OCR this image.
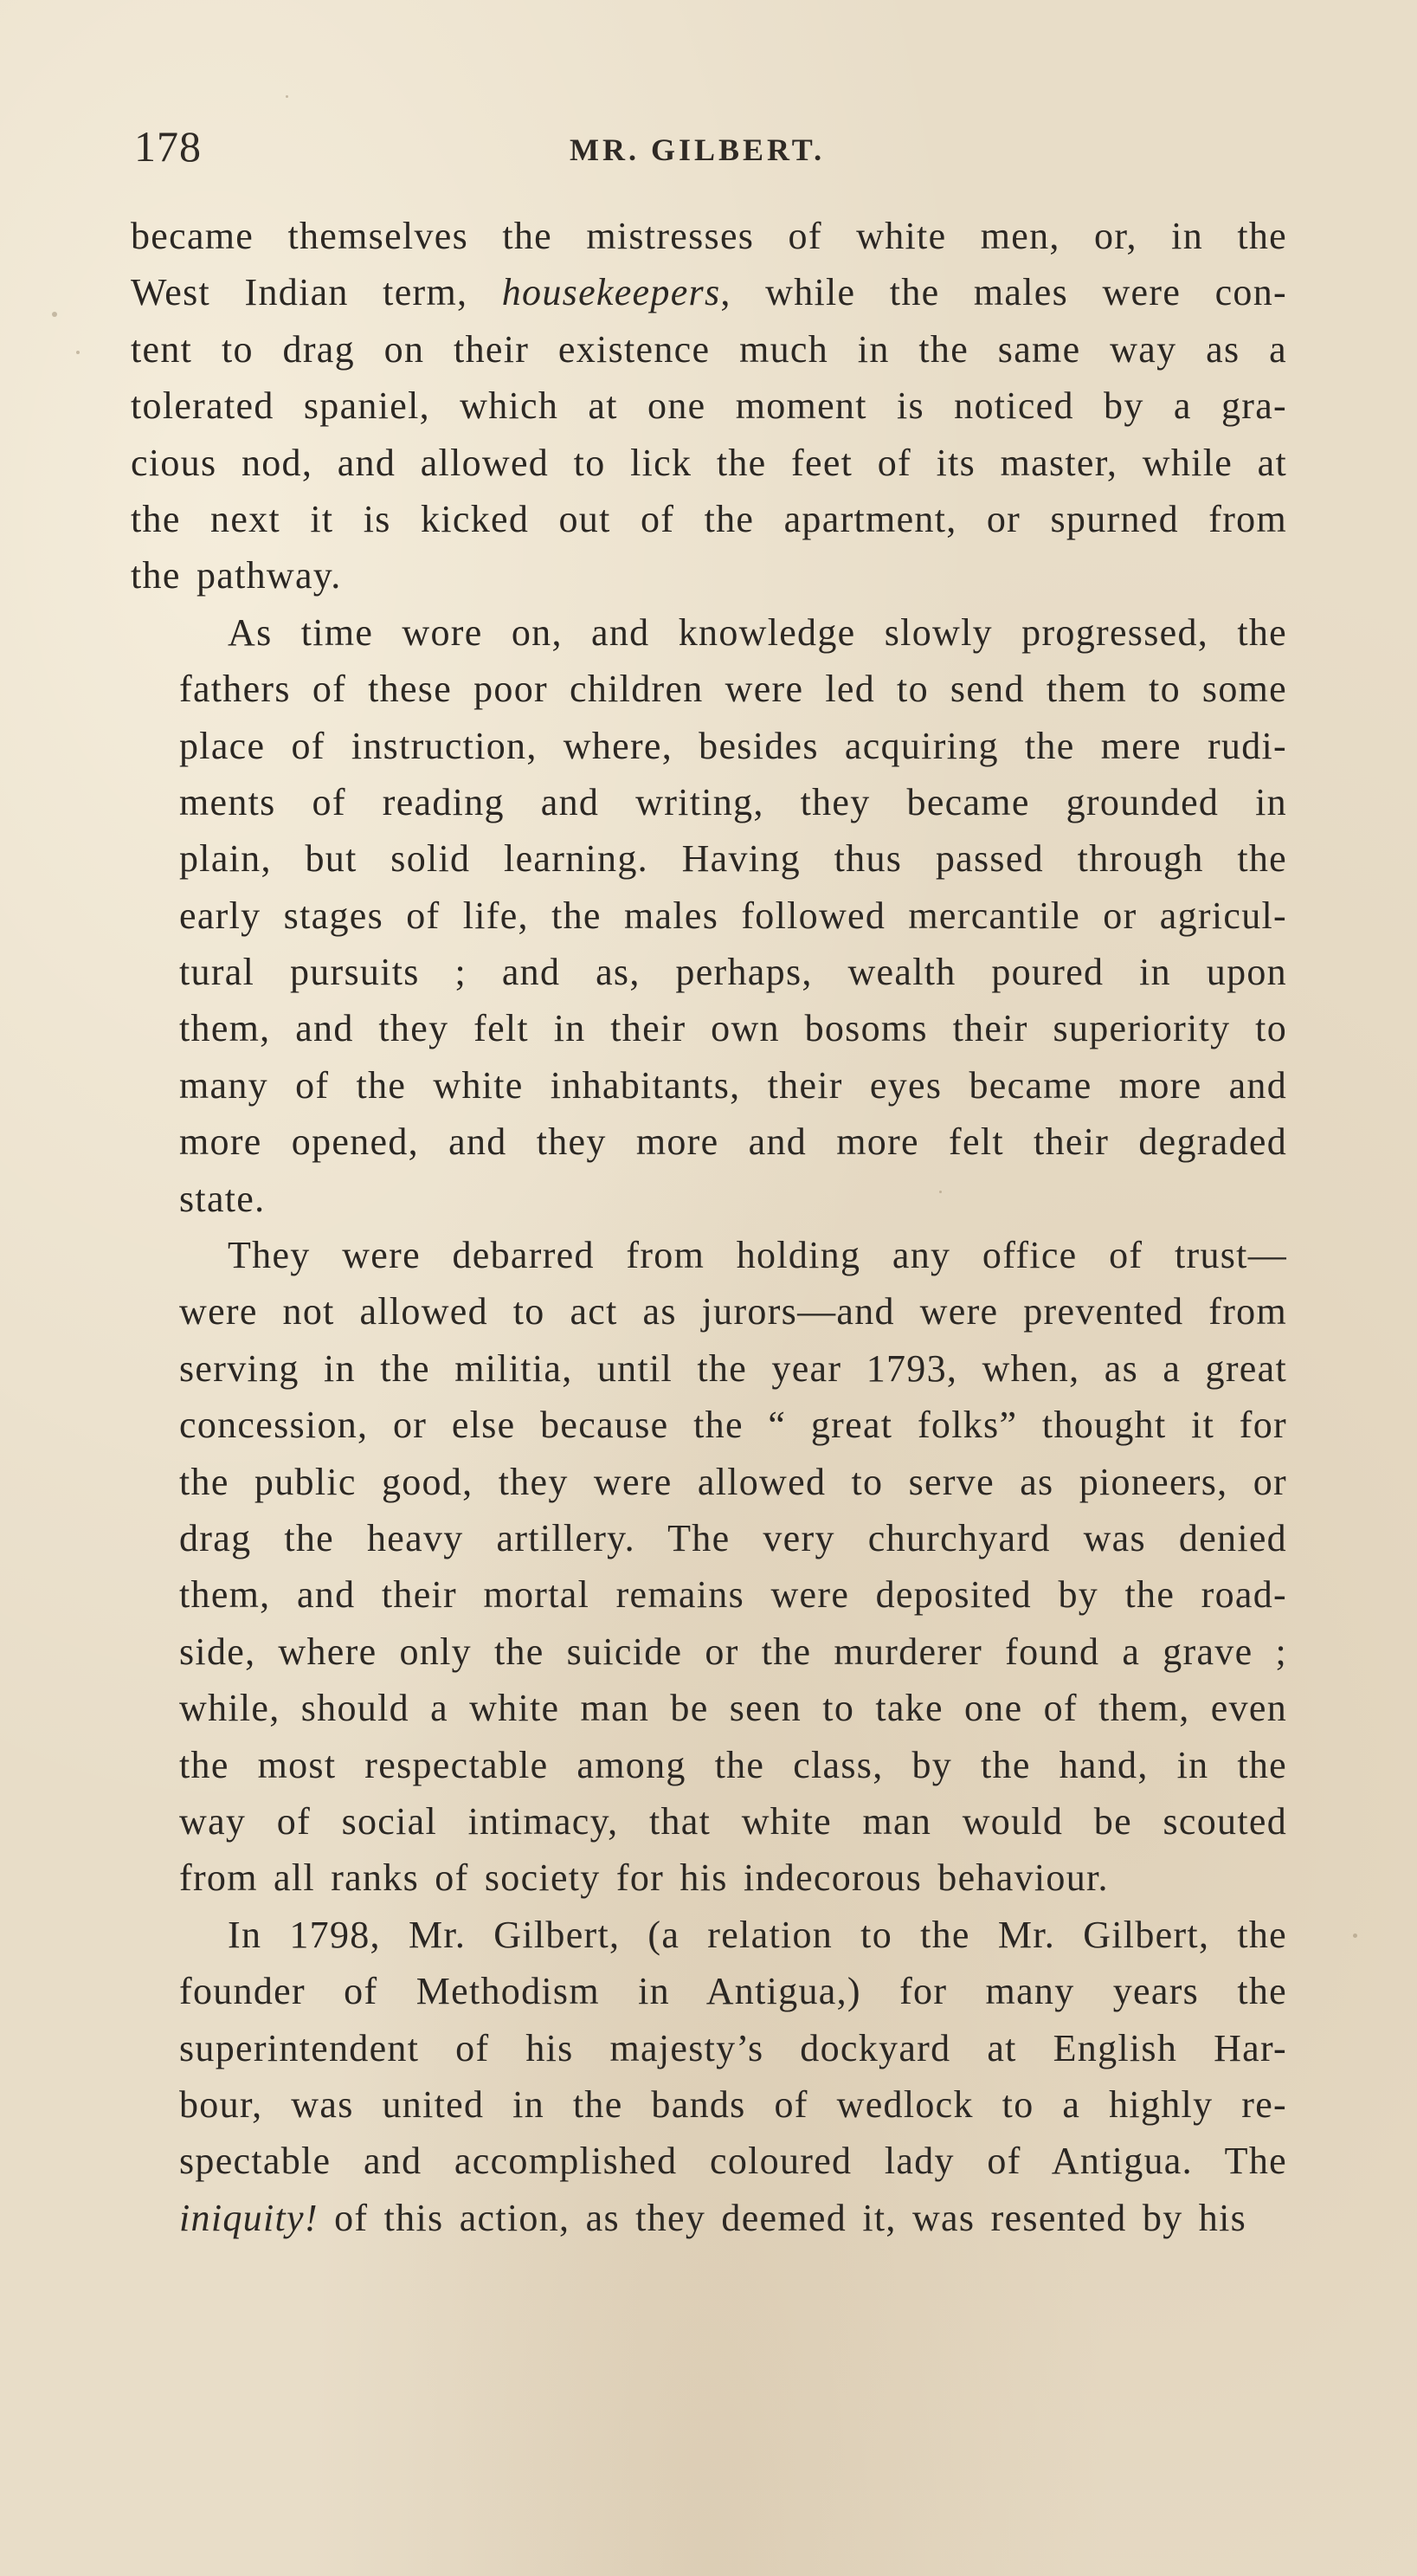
178	MR. GILBERT.
became themselves the mistresses of white men, or, in the
West Indian term, housekeepers, while the males were con-
tent to drag on their existence much in the same way as a
tolerated spaniel, which at one moment is noticed by a gra-
cious nod, and allowed to lick the feet of its master, while at
the next it is kicked out of the apartment, or spurned from
the pathway.
As time wore on, and knowledge slowly progressed, the
fathers of these poor children were led to send them to some
place of instruction, where, besides acquiring the mere rudi-
ments of reading and writing, they became grounded in
plain, but solid learning. Having thus passed through the
early stages of life, the males followed mercantile or agricul-
tural pursuits ; and as, perhaps, wealth poured in upon
them, and they felt in their own bosoms their superiority to
many of the white inhabitants, their eyes became more and
more opened, and they more and more felt their degraded
state.
They were debarred from holding any office of trust—
were not allowed to act as jurors—and were prevented from
serving in the militia, until the year 1793, when, as a great
concession, or else because the “ great folks” thought it for
the public good, they were allowed to serve as pioneers, or
drag the heavy artillery. The very churchyard was denied
them, and their mortal remains were deposited by the road-
side, where only the suicide or the murderer found a grave ;
while, should a white man be seen to take one of them, even
the most respectable among the class, by the hand, in the
way of social intimacy, that white man would be scouted
from all ranks of society for his indecorous behaviour.
In 1798, Mr. Gilbert, (a relation to the Mr. Gilbert, the
founder of Methodism in Antigua,) for many years the
superintendent of his majesty’s dockyard at English Har-
bour, was united in the bands of wedlock to a highly re-
spectable and accomplished coloured lady of Antigua. The
iniquity! of this action, as they deemed it, was resented by his
